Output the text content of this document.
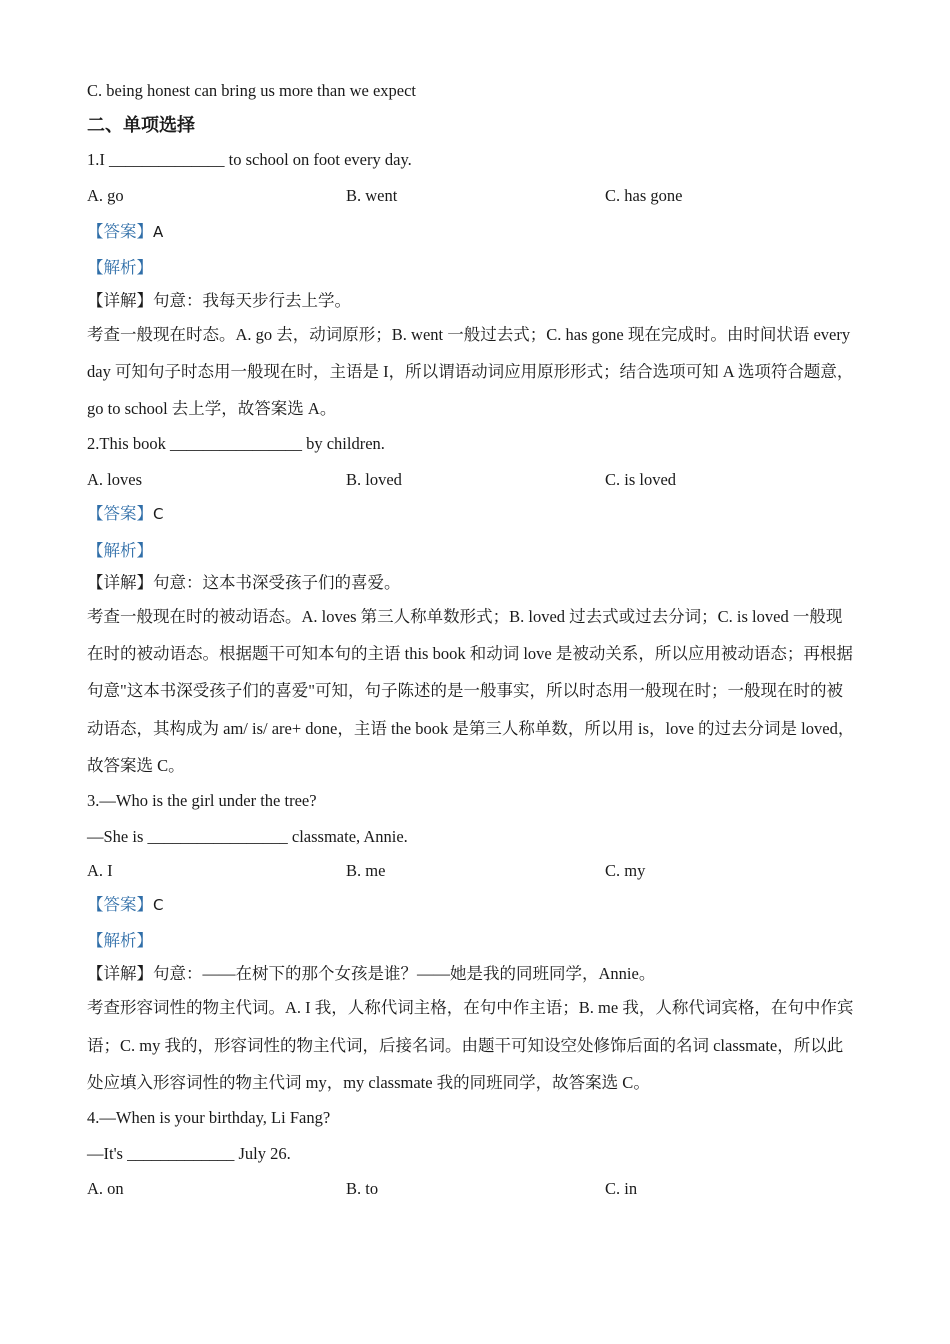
C. being honest can bring us more than we expect
二、单项选择
1.I ______________ to school on foot every day.
A. go	B. went	C. has gone
【答案】A
【解析】
【详解】句意：我每天步行去上学。
考查一般现在时态。A. go 去，动词原形；B. went 一般过去式；C. has gone 现在完成时。由时间状语 every
day 可知句子时态用一般现在时，主语是 I，所以谓语动词应用原形形式；结合选项可知 A 选项符合题意，
go to school 去上学，故答案选 A。
2.This book ________________ by children.
A. loves	B. loved	C. is loved
【答案】C
【解析】
【详解】句意：这本书深受孩子们的喜爱。
考查一般现在时的被动语态。A. loves 第三人称单数形式；B. loved 过去式或过去分词；C. is loved 一般现
在时的被动语态。根据题干可知本句的主语 this book 和动词 love 是被动关系，所以应用被动语态；再根据
句意"这本书深受孩子们的喜爱"可知，句子陈述的是一般事实，所以时态用一般现在时；一般现在时的被
动语态，其构成为 am/ is/ are+ done，主语 the book 是第三人称单数，所以用 is，love 的过去分词是 loved，
故答案选 C。
3.—Who is the girl under the tree?
—She is _________________ classmate, Annie.
A. I	B. me	C. my
【答案】C
【解析】
【详解】句意：——在树下的那个女孩是谁？——她是我的同班同学，Annie。
考查形容词性的物主代词。A. I 我，人称代词主格，在句中作主语；B. me 我，人称代词宾格，在句中作宾
语；C. my 我的，形容词性的物主代词，后接名词。由题干可知设空处修饰后面的名词 classmate，所以此
处应填入形容词性的物主代词 my，my classmate 我的同班同学，故答案选 C。
4.—When is your birthday, Li Fang?
—It's _____________ July 26.
A. on	B. to	C. in
